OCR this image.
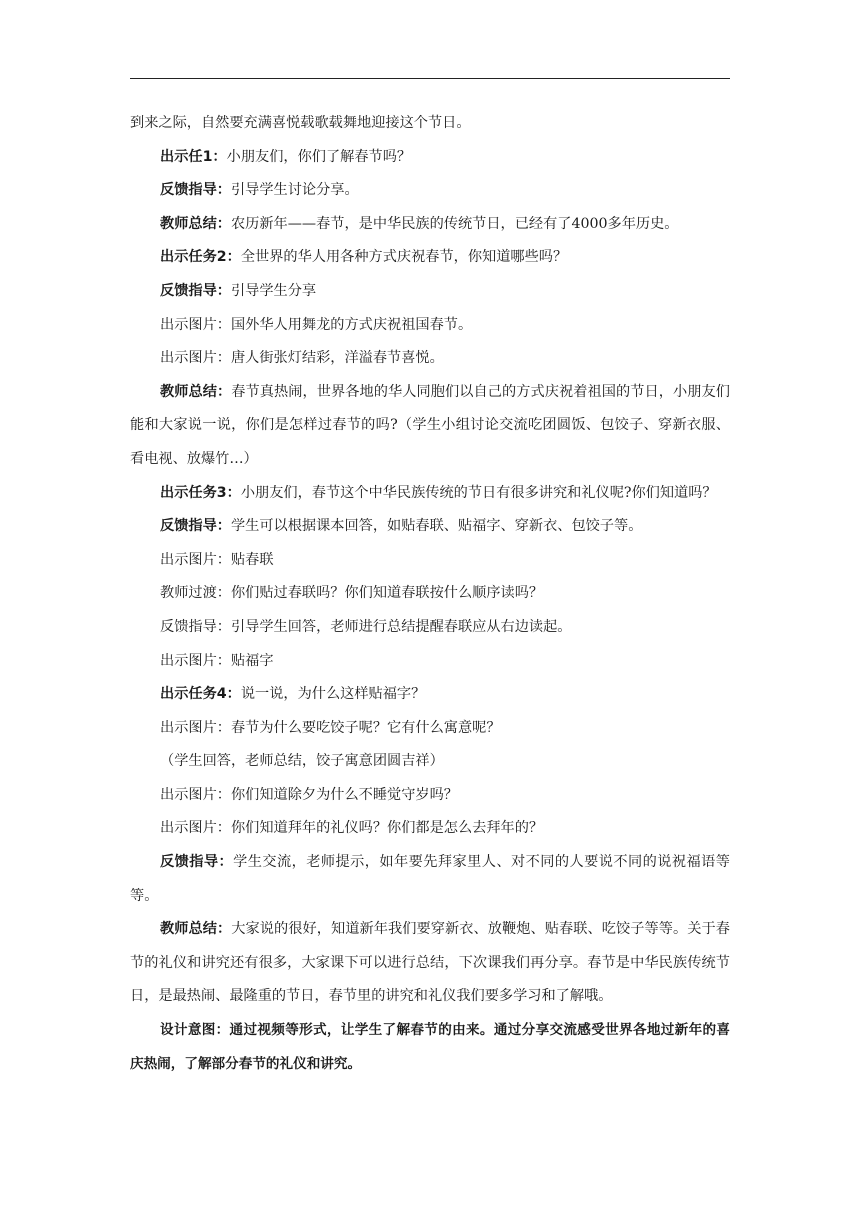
到来之际，自然要充满喜悦载歌载舞地迎接这个节日。

出示任1：小朋友们，你们了解春节吗？

反馈指导：引导学生讨论分享。

教师总结：农历新年——春节，是中华民族的传统节日，已经有了4000多年历史。

出示任务2：全世界的华人用各种方式庆祝春节，你知道哪些吗？

反馈指导：引导学生分享

出示图片：国外华人用舞龙的方式庆祝祖国春节。

出示图片：唐人街张灯结彩，洋溢春节喜悦。

教师总结：春节真热闹，世界各地的华人同胞们以自己的方式庆祝着祖国的节日，小朋友们能和大家说一说，你们是怎样过春节的吗?（学生小组讨论交流吃团圆饭、包饺子、穿新衣服、看电视、放爆竹…）

出示任务3：小朋友们，春节这个中华民族传统的节日有很多讲究和礼仪呢?你们知道吗？

反馈指导：学生可以根据课本回答，如贴春联、贴福字、穿新衣、包饺子等。

出示图片：贴春联

教师过渡：你们贴过春联吗？你们知道春联按什么顺序读吗？

反馈指导：引导学生回答，老师进行总结提醒春联应从右边读起。

出示图片：贴福字

出示任务4：说一说，为什么这样贴福字？

出示图片：春节为什么要吃饺子呢？它有什么寓意呢？

（学生回答，老师总结，饺子寓意团圆吉祥）

出示图片：你们知道除夕为什么不睡觉守岁吗？

出示图片：你们知道拜年的礼仪吗？你们都是怎么去拜年的？

反馈指导：学生交流，老师提示，如年要先拜家里人、对不同的人要说不同的说祝福语等等。

教师总结：大家说的很好，知道新年我们要穿新衣、放鞭炮、贴春联、吃饺子等等。关于春节的礼仪和讲究还有很多，大家课下可以进行总结，下次课我们再分享。春节是中华民族传统节日，是最热闹、最隆重的节日，春节里的讲究和礼仪我们要多学习和了解哦。

设计意图：通过视频等形式，让学生了解春节的由来。通过分享交流感受世界各地过新年的喜庆热闹，了解部分春节的礼仪和讲究。
